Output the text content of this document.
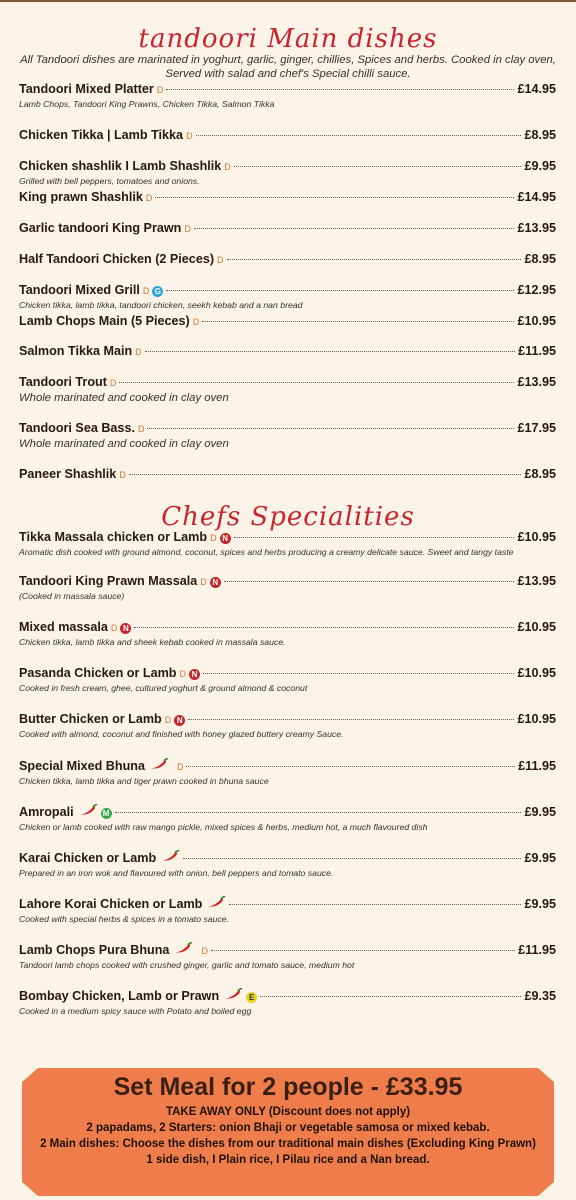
tandoori Main dishes
All Tandoori dishes are marinated in yoghurt, garlic, ginger, chillies, Spices and herbs. Cooked in clay oven,
Served with salad and chef's Special chilli sauce.
Tandoori Mixed Platter D	£14.95
Lamb Chops, Tandoori King Prawns, Chicken Tikka, Salmon Tikka
Chicken Tikka | Lamb Tikka D	£8.95
Chicken shashlik I Lamb Shashlik D	£9.95
Grilled with bell peppers, tomatoes and onions.
King prawn Shashlik D	£14.95
Garlic tandoori King Prawn D	£13.95
Half Tandoori Chicken (2 Pieces) D	£8.95
Tandoori Mixed Grill D G	£12.95
Chicken tikka, lamb tikka, tandoori chicken, seekh kebab and a nan bread
Lamb Chops Main (5 Pieces) D	£10.95
Salmon Tikka Main D	£11.95
Tandoori Trout D	£13.95
Whole marinated and cooked in clay oven
Tandoori Sea Bass. D	£17.95
Whole marinated and cooked in clay oven
Paneer Shashlik D	£8.95
Chefs Specialities
Tikka Massala chicken or Lamb D N	£10.95
Aromatic dish cooked with ground almond, coconut, spices and herbs producing a creamy delicate sauce. Sweet and tangy taste
Tandoori King Prawn Massala D N	£13.95
(Cooked in massala sauce)
Mixed massala D N	£10.95
Chicken tikka, lamb tikka and sheek kebab cooked in massala sauce.
Pasanda Chicken or Lamb D N	£10.95
Cooked in fresh cream, ghee, cultured yoghurt & ground almond & coconut
Butter Chicken or Lamb D N	£10.95
Cooked with almond, coconut and finished with honey glazed buttery creamy Sauce.
Special Mixed Bhuna	D	£11.95
Chicken tikka, lamb tikka and tiger prawn cooked in bhuna sauce
Amropali	M	£9.95
Chicken or lamb cooked with raw mango pickle, mixed spices & herbs, medium hot, a much flavoured dish
Karai Chicken or Lamb	£9.95
Prepared in an iron wok and flavoured with onion, bell peppers and tomato sauce.
Lahore Korai Chicken or Lamb	£9.95
Cooked with special herbs & spices in a tomato sauce.
Lamb Chops Pura Bhuna	D	£11.95
Tandoori lamb chops cooked with crushed ginger, garlic and tomato sauce, medium hot
Bombay Chicken, Lamb or Prawn	E	£9.35
Cooked in a medium spicy sauce with Potato and boiled egg
Set Meal for 2 people - £33.95
TAKE AWAY ONLY (Discount does not apply)
2 papadams, 2 Starters: onion Bhaji or vegetable samosa or mixed kebab.
2 Main dishes: Choose the dishes from our traditional main dishes (Excluding King Prawn)
1 side dish, I Plain rice, I Pilau rice and a Nan bread.
